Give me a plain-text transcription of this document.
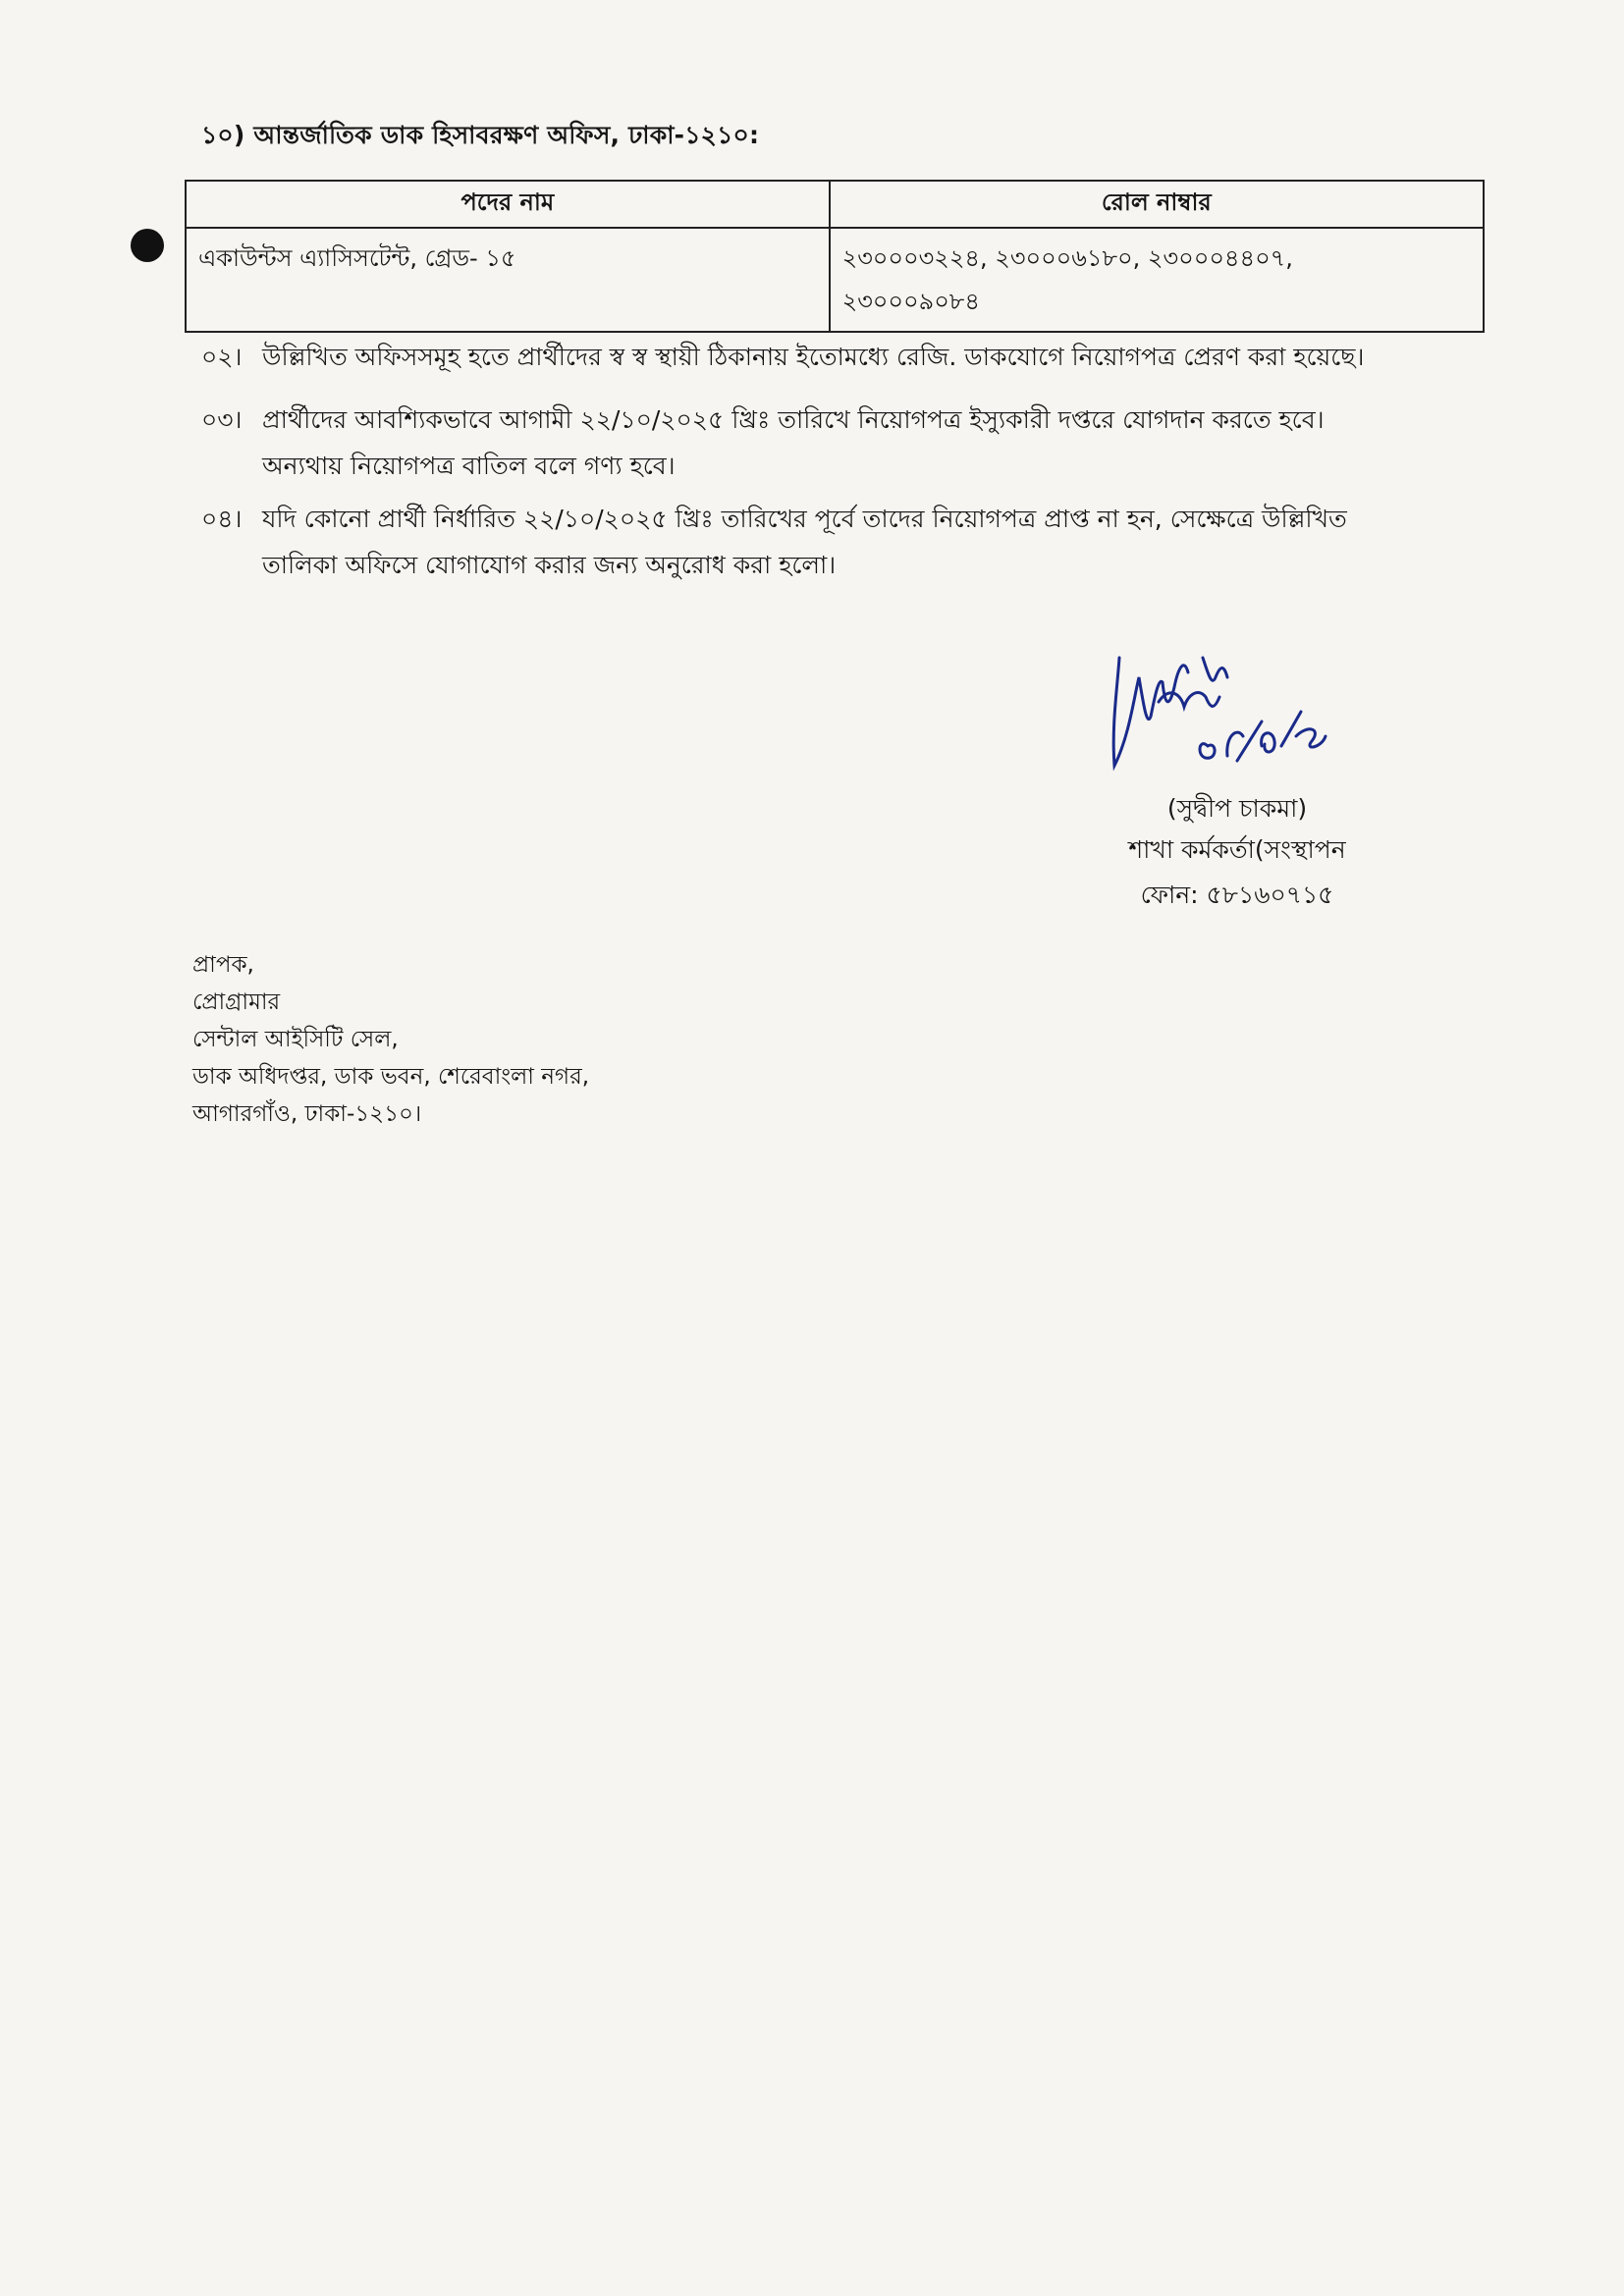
১০) আন্তর্জাতিক ডাক হিসাবরক্ষণ অফিস, ঢাকা-১২১০:
পদের নাম	রোল নাম্বার
একাউন্টস এ্যাসিসটেন্ট, গ্রেড- ১৫	২৩০০০৩২২৪, ২৩০০০৬১৮০, ২৩০০০৪৪০৭,
২৩০০০৯০৮৪
০২। উল্লিখিত অফিসসমূহ হতে প্রার্থীদের স্ব স্ব স্থায়ী ঠিকানায় ইতোমধ্যে রেজি. ডাকযোগে নিয়োগপত্র প্রেরণ করা হয়েছে।
০৩। প্রার্থীদের আবশ্যিকভাবে আগামী ২২/১০/২০২৫ খ্রিঃ তারিখে নিয়োগপত্র ইস্যুকারী দপ্তরে যোগদান করতে হবে।
অন্যথায় নিয়োগপত্র বাতিল বলে গণ্য হবে।
০৪। যদি কোনো প্রার্থী নির্ধারিত ২২/১০/২০২৫ খ্রিঃ তারিখের পূর্বে তাদের নিয়োগপত্র প্রাপ্ত না হন, সেক্ষেত্রে উল্লিখিত
তালিকা অফিসে যোগাযোগ করার জন্য অনুরোধ করা হলো।
(সুদ্বীপ চাকমা)
শাখা কর্মকর্তা(সংস্থাপন
ফোন: ৫৮১৬০৭১৫
প্রাপক,
প্রোগ্রামার
সেন্টাল আইসিটি সেল,
ডাক অধিদপ্তর, ডাক ভবন, শেরেবাংলা নগর,
আগারগাঁও, ঢাকা-১২১০।
